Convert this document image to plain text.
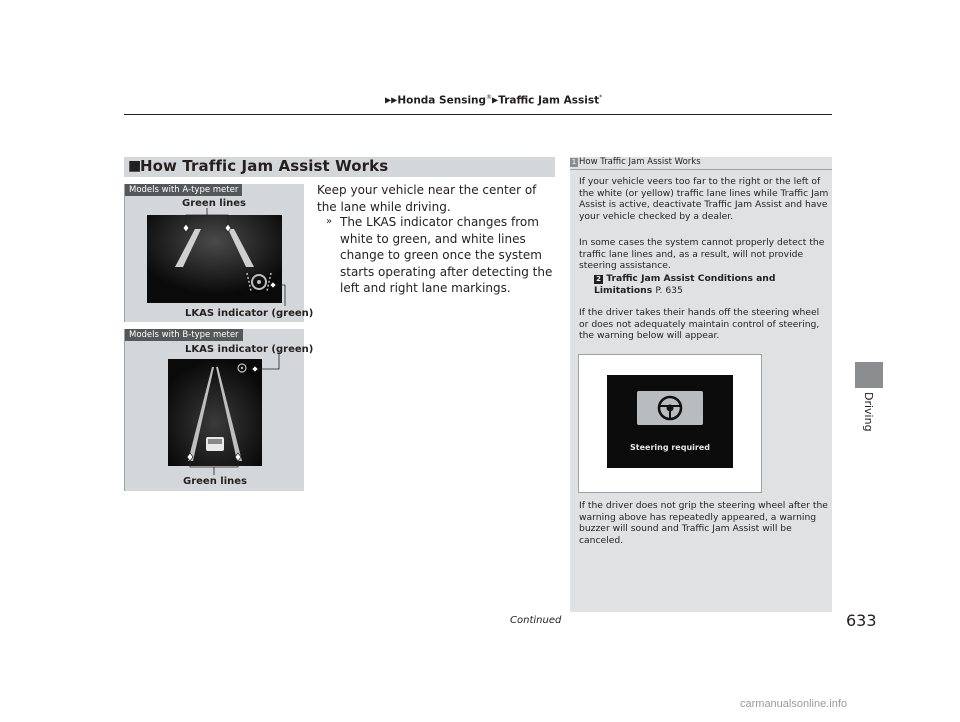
▶▶Honda Sensing®▶Traffic Jam Assist*
Driving
■
How Traffic Jam Assist Works
Models with A-type meter
Green lines
LKAS indicator (green)
Models with B-type meter
LKAS indicator (green)
Green lines
Keep your vehicle near the center of the lane while driving.
» The LKAS indicator changes from white to green, and white lines change to green once the system starts operating after detecting the left and right lane markings.
1 How Traffic Jam Assist Works
If your vehicle veers too far to the right or the left of the white (or yellow) traffic lane lines while Traffic Jam Assist is active, deactivate Traffic Jam Assist and have your vehicle checked by a dealer.
In some cases the system cannot properly detect the traffic lane lines and, as a result, will not provide steering assistance.
2 Traffic Jam Assist Conditions and Limitations P. 635
If the driver takes their hands off the steering wheel or does not adequately maintain control of steering, the warning below will appear.
Steering required
If the driver does not grip the steering wheel after the warning above has repeatedly appeared, a warning buzzer will sound and Traffic Jam Assist will be canceled.
Continued	633
carmanualsonline.info
